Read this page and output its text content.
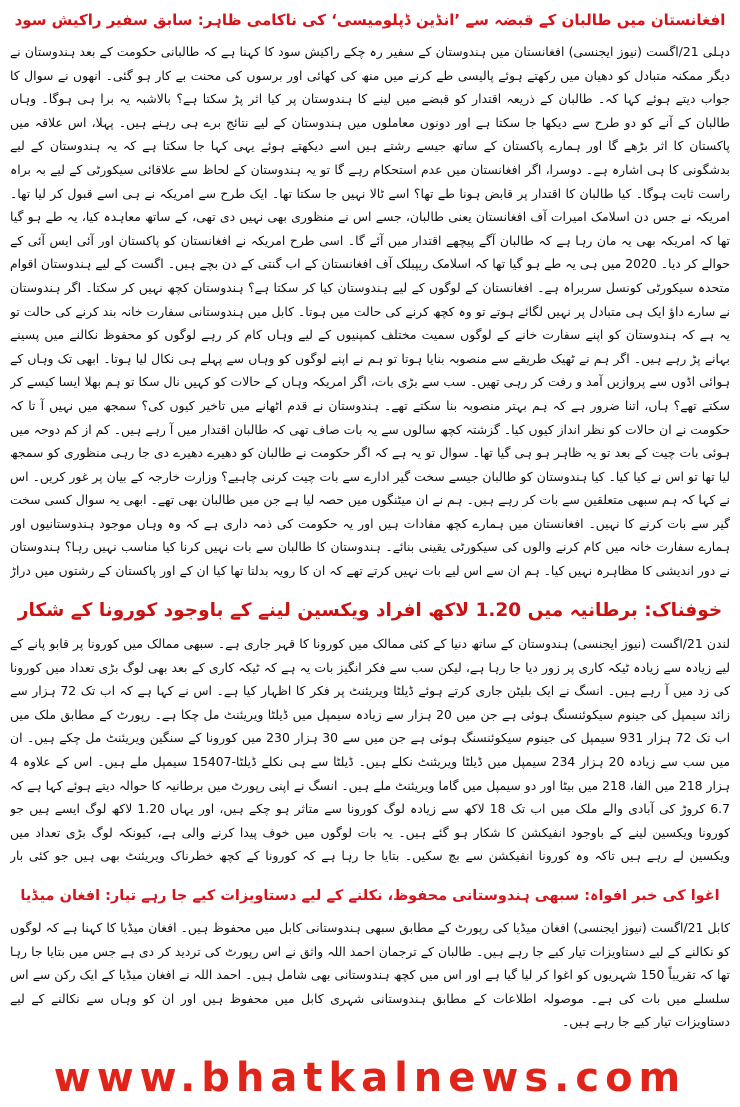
افغانستان میں طالبان کے قبضہ سے ’انڈین ڈپلومیسی‘ کی ناکامی ظاہر: سابق سفیر راکیش سود

دہلی 21/اگست (نیوز ایجنسی) افغانستان میں ہندوستان کے سفیر رہ چکے راکیش سود کا کہنا ہے کہ طالبانی حکومت کے بعد ہندوستان نے دیگر ممکنہ متبادل کو دھیان میں رکھتے ہوئے پالیسی طے کرنے میں منھ کی کھائی اور برسوں کی محنت بے کار ہو گئی۔ انھوں نے سوال کا جواب دیتے ہوئے کہا کہ۔ طالبان کے ذریعہ اقتدار کو قبضے میں لینے کا ہندوستان پر کیا اثر پڑ سکتا ہے؟ بالاشبہ یہ برا ہی ہوگا۔ وہاں طالبان کے آنے کو دو طرح سے دیکھا جا سکتا ہے اور دونوں معاملوں میں ہندوستان کے لیے نتائج برے ہی رہنے ہیں۔ پہلا، اس علاقہ میں پاکستان کا اثر بڑھے گا اور ہمارے پاکستان کے ساتھ جیسے رشتے ہیں اسے دیکھتے ہوئے یہی کہا جا سکتا ہے کہ یہ ہندوستان کے لیے بدشگونی کا ہی اشارہ ہے۔ دوسرا، اگر افغانستان میں عدم استحکام رہے گا تو یہ ہندوستان کے لحاظ سے علاقائی سیکورٹی کے لیے بہ براہ راست ثابت ہوگا۔ کیا طالبان کا اقتدار پر قابض ہونا طے تھا؟ اسے ٹالا نہیں جا سکتا تھا۔ ایک طرح سے امریکہ نے ہی اسے قبول کر لیا تھا۔ امریکہ نے جس دن اسلامک امیرات آف افغانستان یعنی طالبان، جسے اس نے منظوری بھی نہیں دی تھی، کے ساتھ معاہدہ کیا، یہ طے ہو گیا تھا کہ امریکہ بھی یہ مان رہا ہے کہ طالبان آگے پیچھے اقتدار میں آئے گا۔ اسی طرح امریکہ نے افغانستان کو پاکستان اور آئی ایس آئی کے حوالے کر دیا۔ 2020 میں ہی یہ طے ہو گیا تھا کہ اسلامک ریپبلک آف افغانستان کے اب گنتی کے دن بچے ہیں۔ اگست کے لیے ہندوستان اقوام متحدہ سیکورٹی کونسل سربراہ ہے۔ افغانستان کے لوگوں کے لیے ہندوستان کیا کر سکتا ہے؟ ہندوستان کچھ نہیں کر سکتا۔ اگر ہندوستان نے سارے داؤ ایک ہی متبادل پر نہیں لگائے ہوتے تو وہ کچھ کرنے کی حالت میں ہوتا۔ کابل میں ہندوستانی سفارت خانہ بند کرنے کی حالت تو یہ ہے کہ ہندوستان کو اپنے سفارت خانے کے لوگوں سمیت مختلف کمپنیوں کے لیے وہاں کام کر رہے لوگوں کو محفوظ نکالنے میں پسینے بہانے پڑ رہے ہیں۔ اگر ہم نے ٹھیک طریقے سے منصوبہ بنایا ہوتا تو ہم نے اپنے لوگوں کو وہاں سے پہلے ہی نکال لیا ہوتا۔ ابھی تک وہاں کے ہوائی اڈوں سے پروازیں آمد و رفت کر رہی تھیں۔ سب سے بڑی بات، اگر امریکہ وہاں کے حالات کو کہیں نال سکا تو ہم بھلا ایسا کیسے کر سکتے تھے؟ ہاں، اتنا ضرور ہے کہ ہم بہتر منصوبہ بنا سکتے تھے۔ ہندوستان نے قدم اٹھانے میں تاخیر کیوں کی؟ سمجھ میں نہیں آ تا کہ حکومت نے ان حالات کو نظر انداز کیوں کیا۔ گزشتہ کچھ سالوں سے یہ بات صاف تھی کہ طالبان اقتدار میں آ رہے ہیں۔ کم از کم دوحہ میں ہوئی بات چیت کے بعد تو یہ ظاہر ہو ہی گیا تھا۔ سوال تو یہ ہے کہ اگر حکومت نے طالبان کو دھیرے دھیرے دی جا رہی منظوری کو سمجھ لیا تھا تو اس نے کیا کیا۔ کیا ہندوستان کو طالبان جیسے سخت گیر ادارے سے بات چیت کرنی چاہیے؟ وزارت خارجہ کے بیان پر غور کریں۔ اس نے کہا کہ ہم سبھی متعلقین سے بات کر رہے ہیں۔ ہم نے ان میٹنگوں میں حصہ لیا ہے جن میں طالبان بھی تھے۔ ابھی یہ سوال کسی سخت گیر سے بات کرنے کا نہیں۔ افغانستان میں ہمارے کچھ مفادات ہیں اور یہ حکومت کی ذمہ داری ہے کہ وہ وہاں موجود ہندوستانیوں اور ہمارے سفارت خانہ میں کام کرنے والوں کی سیکورٹی یقینی بنائے۔ ہندوستان کا طالبان سے بات نہیں کرنا کیا مناسب نہیں رہا؟ ہندوستان نے دور اندیشی کا مظاہرہ نہیں کیا۔ ہم ان سے اس لیے بات نہیں کرتے تھے کہ ان کا رویہ بدلتا تھا کیا ان کے اور پاکستان کے رشتوں میں دراڑ

خوفناک: برطانیہ میں 1.20 لاکھ افراد ویکسین لینے کے باوجود کورونا کے شکار

لندن 21/اگست (نیوز ایجنسی) ہندوستان کے ساتھ دنیا کے کئی ممالک میں کورونا کا قہر جاری ہے۔ سبھی ممالک میں کورونا پر قابو پانے کے لیے زیادہ سے زیادہ ٹیکہ کاری پر زور دیا جا رہا ہے، لیکن سب سے فکر انگیز بات یہ ہے کہ ٹیکہ کاری کے بعد بھی لوگ بڑی تعداد میں کورونا کی زد میں آ رہے ہیں۔ انسگ نے ایک بلیٹن جاری کرتے ہوئے ڈیلٹا ویریئنٹ پر فکر کا اظہار کیا ہے۔ اس نے کہا ہے کہ اب تک 72 ہزار سے زائد سیمپل کی جینوم سیکوئنسنگ ہوئی ہے جن میں 20 ہزار سے زیادہ سیمپل میں ڈیلٹا ویریئنٹ مل چکا ہے۔ رپورٹ کے مطابق ملک میں اب تک 72 ہزار 931 سیمپل کی جینوم سیکوئنسنگ ہوئی ہے جن میں سے 30 ہزار 230 میں کورونا کے سنگین ویریئنٹ مل چکے ہیں۔ ان میں سب سے زیادہ 20 ہزار 234 سیمپل میں ڈیلٹا ویریئنٹ نکلے ہیں۔ ڈیلٹا سے ہی نکلے ڈیلٹا-15407 سیمپل ملے ہیں۔ اس کے علاوہ 4 ہزار 218 میں الفا، 218 میں بیٹا اور دو سیمپل میں گاما ویریئنٹ ملے ہیں۔ انسگ نے اپنی رپورٹ میں برطانیہ کا حوالہ دیتے ہوئے کہا ہے کہ 6.7 کروڑ کی آبادی والے ملک میں اب تک 18 لاکھ سے زیادہ لوگ کورونا سے متاثر ہو چکے ہیں، اور یہاں 1.20 لاکھ لوگ ایسے ہیں جو کورونا ویکسین لینے کے باوجود انفیکشن کا شکار ہو گئے ہیں۔ یہ بات لوگوں میں خوف پیدا کرنے والی ہے، کیونکہ لوگ بڑی تعداد میں ویکسین لے رہے ہیں تاکہ وہ کورونا انفیکشن سے بچ سکیں۔ بتایا جا رہا ہے کہ کورونا کے کچھ خطرناک ویریئنٹ بھی ہیں جو کئی بار

اغوا کی خبر افواہ: سبھی ہندوستانی محفوظ، نکلنے کے لیے دستاویزات کیے جا رہے تیار: افغان میڈیا

کابل 21/اگست (نیوز ایجنسی) افغان میڈیا کی رپورٹ کے مطابق سبھی ہندوستانی کابل میں محفوظ ہیں۔ افغان میڈیا کا کہنا ہے کہ لوگوں کو نکالنے کے لیے دستاویزات تیار کیے جا رہے ہیں۔ طالبان کے ترجمان احمد اللہ واثق نے اس رپورٹ کی تردید کر دی ہے جس میں بتایا جا رہا تھا کہ تقریباً 150 شہریوں کو اغوا کر لیا گیا ہے اور اس میں کچھ ہندوستانی بھی شامل ہیں۔ احمد اللہ نے افغان میڈیا کے ایک رکن سے اس سلسلے میں بات کی ہے۔ موصولہ اطلاعات کے مطابق ہندوستانی شہری کابل میں محفوظ ہیں اور ان کو وہاں سے نکالنے کے لیے دستاویزات تیار کیے جا رہے ہیں۔

www.bhatkalnews.com
